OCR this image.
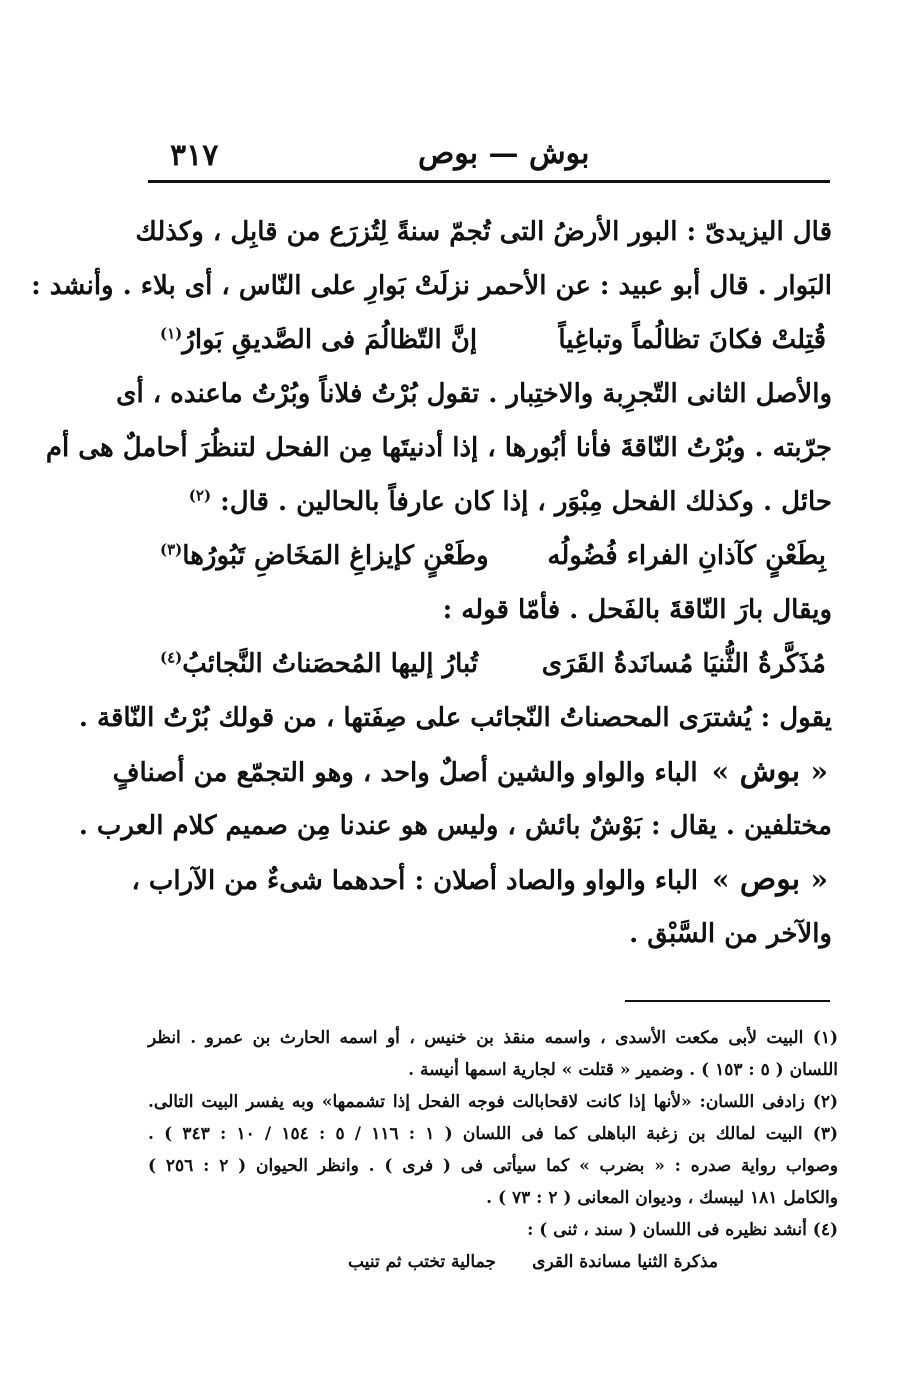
٣١٧	بوش — بوص
قال اليزيدىّ : البور الأرضُ التى تُجمّ سنةً لِتُزرَع من قابِل ، وكذلك
البَوار . قال أبو عبيد : عن الأحمر نزلَتْ بَوارِ على النّاس ، أى بلاء . وأنشد :
قُتِلتْ فكانَ تظالُماً وتباغِياً
إنَّ التّظالُمَ فى الصَّديقِ بَوارُ$^{(١)}$
والأصل الثانى التّجرِبة والاختِبار . تقول بُرْتُ فلاناً وبُرْتُ ماعنده ، أى
جرّبته . وبُرْتُ النّاقةَ فأنا أبُورها ، إذا أدنيتَها مِن الفحل لتنظُرَ أحاملٌ هى أم
حائل . وكذلك الفحل مِبْوَر ، إذا كان عارفاً بالحالين . قال: $^{(٢)}$
بِطَعْنٍ كآذانِ الفراء فُضُولُه
وطَعْنٍ كإيزاغِ المَخَاضِ تَبُورُها$^{(٣)}$
ويقال بارَ النّاقةَ بالفَحل . فأمّا قوله :
مُذَكَّرةُ الثُّنيَا مُسانَدةُ القَرَى
تُبارُ إليها المُحصَناتُ النَّجائبُ$^{(٤)}$
يقول : يُشترَى المحصناتُ النّجائب على صِفَتها ، من قولك بُرْتُ النّاقة .
« بوش »الباء والواو والشين أصلٌ واحد ، وهو التجمّع من أصنافٍ
مختلفين . يقال : بَوْشٌ بائش ، وليس هو عندنا مِن صميم كلام العرب .
« بوص »الباء والواو والصاد أصلان : أحدهما شىءٌ من الآراب ،
والآخر من السَّبْق .
(١) البيت لأبى مكعت الأسدى ، واسمه منقذ بن خنيس ، أو اسمه الحارث بن عمرو . انظر
اللسان ( ٥ : ١٥٣ ) . وضمير « قتلت » لجارية اسمها أنيسة .
(٢) زادفى اللسان: «لأنها إذا كانت لاقحابالت فوجه الفحل إذا تشممها» وبه يفسر البيت التالى.
(٣) البيت لمالك بن زغبة الباهلى كما فى اللسان ( ١ : ١١٦ / ٥ : ١٥٤ / ١٠ : ٣٤٣ ) .
وصواب رواية صدره : « بضرب » كما سيأتى فى ( فرى ) . وانظر الحيوان ( ٢ : ٢٥٦ )
والكامل ١٨١ ليبسك ، وديوان المعانى ( ٢ : ٧٣ ) .
(٤) أنشد نظيره فى اللسان ( سند ، ثنى ) :
مذكرة الثنيا مساندة القرى
جمالية تختب ثم تنيب
